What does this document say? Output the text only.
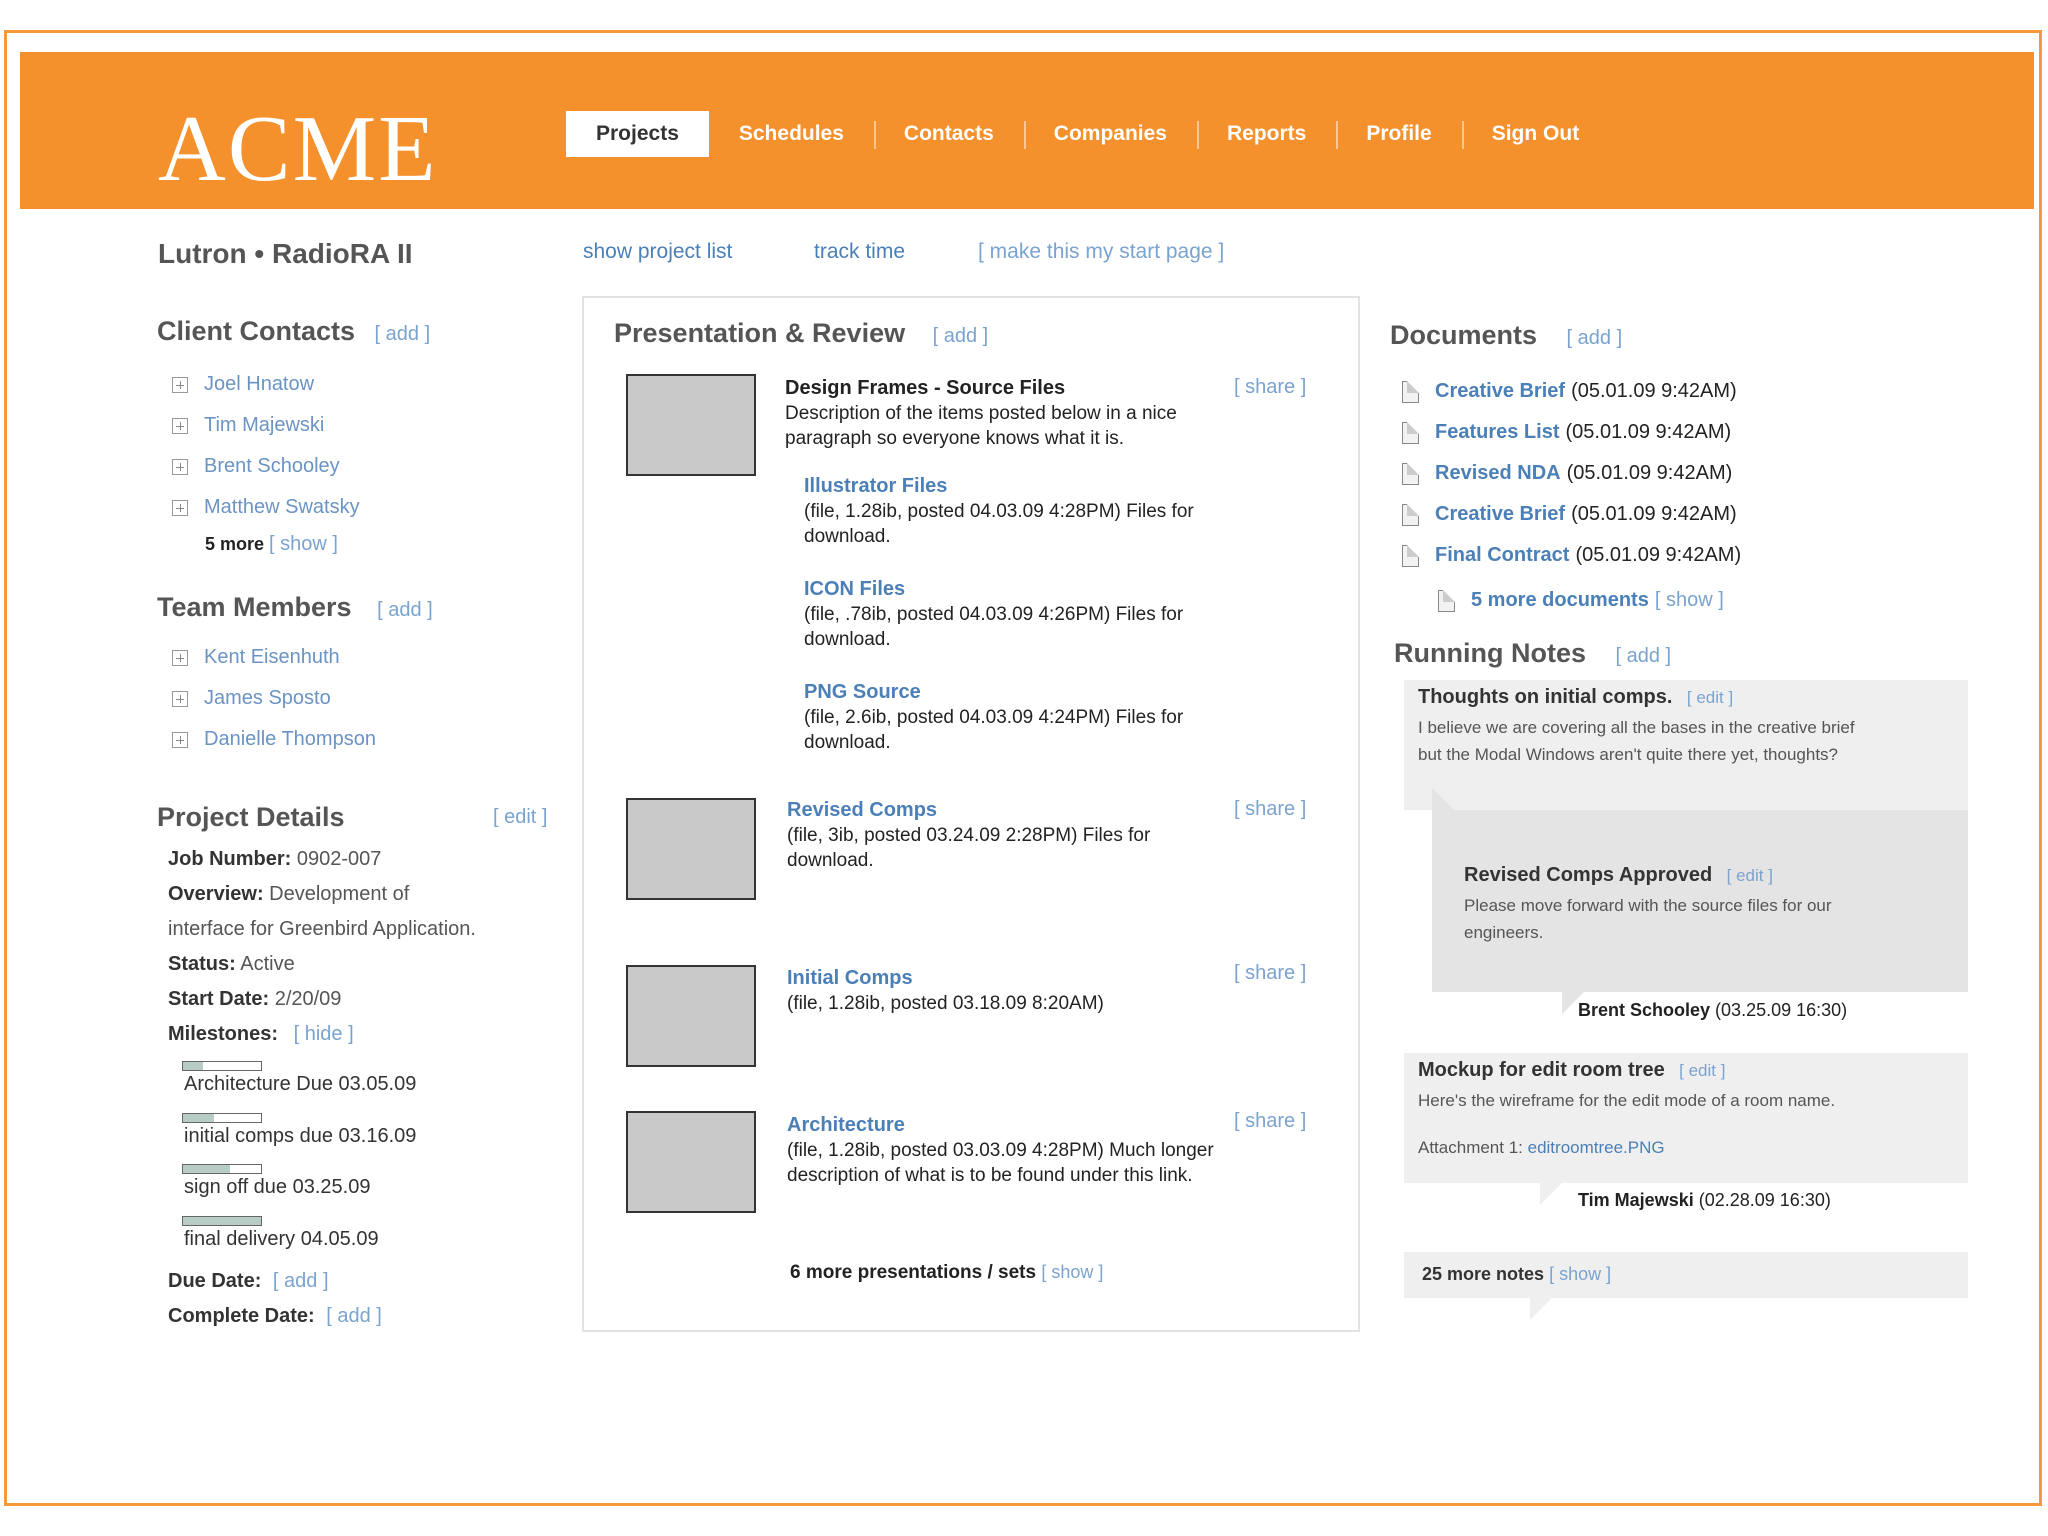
ACME	Projects	Schedules	Contacts	Companies	Reports	Profile	Sign Out
Lutron • RadioRA II	show project list	track time	[ make this my start page ]
Client Contacts [ add ]
Joel Hnatow
Tim Majewski
Brent Schooley
Matthew Swatsky
5 more [ show ]
Team Members [ add ]
Kent Eisenhuth
James Sposto
Danielle Thompson
Project Details	[ edit ]
Job Number: 0902-007
Overview: Development of
interface for Greenbird Application.
Status: Active
Start Date: 2/20/09
Milestones: [ hide ]
Architecture Due 03.05.09
initial comps due 03.16.09
sign off due 03.25.09
final delivery 04.05.09
Due Date: [ add ]
Complete Date: [ add ]
Presentation & Review [ add ]
[ share ]
Design Frames - Source Files
Description of the items posted below in a nice
paragraph so everyone knows what it is.
Illustrator Files
(file, 1.28ib, posted 04.03.09 4:28PM) Files for
download.
ICON Files
(file, .78ib, posted 04.03.09 4:26PM) Files for
download.
PNG Source
(file, 2.6ib, posted 04.03.09 4:24PM) Files for
download.
[ share ]
Revised Comps
(file, 3ib, posted 03.24.09 2:28PM) Files for
download.
[ share ]
Initial Comps
(file, 1.28ib, posted 03.18.09 8:20AM)
[ share ]
Architecture
(file, 1.28ib, posted 03.03.09 4:28PM) Much longer
description of what is to be found under this link.
6 more presentations / sets [ show ]
Documents [ add ]
Creative Brief (05.01.09 9:42AM)
Features List (05.01.09 9:42AM)
Revised NDA (05.01.09 9:42AM)
Creative Brief (05.01.09 9:42AM)
Final Contract (05.01.09 9:42AM)
5 more documents [ show ]
Running Notes [ add ]
Thoughts on initial comps. [ edit ]
I believe we are covering all the bases in the creative brief
but the Modal Windows aren't quite there yet, thoughts?
Revised Comps Approved [ edit ]
Please move forward with the source files for our
engineers.
Brent Schooley (03.25.09 16:30)
Mockup for edit room tree [ edit ]
Here's the wireframe for the edit mode of a room name.
Attachment 1: editroomtree.PNG
Tim Majewski (02.28.09 16:30)
25 more notes [ show ]
